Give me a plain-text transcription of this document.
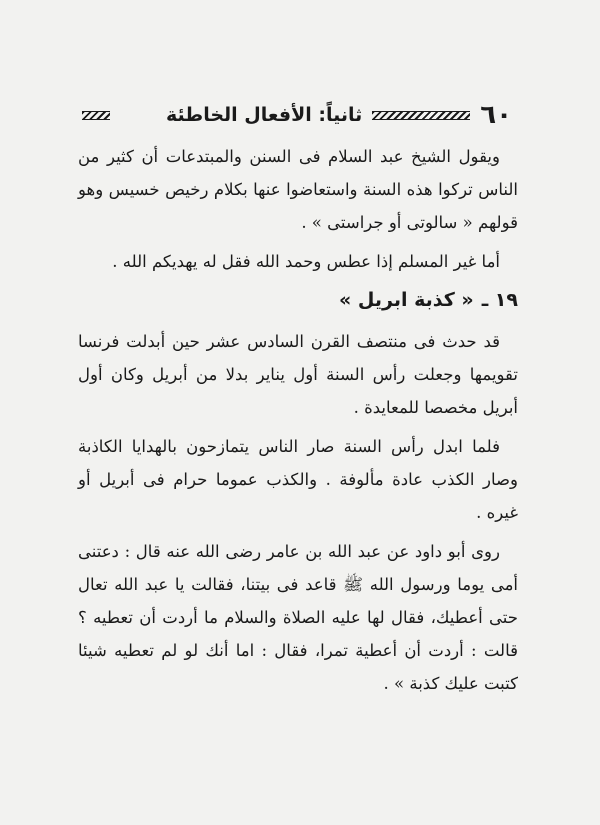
٦٠
ثانياً: الأفعال الخاطئة

ويقول الشيخ عبد السلام فى السنن والمبتدعات أن كثير من الناس تركوا هذه السنة واستعاضوا عنها بكلام رخيص خسيس وهو قولهم « سالوتى أو جراستى » .

أما غير المسلم إذا عطس وحمد الله فقل له يهديكم الله .

١٩ ـ
« كذبة ابريل »

قد حدث فى منتصف القرن السادس عشر حين أبدلت فرنسا تقويمها وجعلت رأس السنة أول يناير بدلا من أبريل وكان أول أبريل مخصصا للمعايدة .

فلما ابدل رأس السنة صار الناس يتمازحون بالهدايا الكاذبة وصار الكذب عادة مألوفة . والكذب عموما حرام فى أبريل أو غيره .

روى أبو داود عن عبد الله بن عامر رضى الله عنه قال : دعتنى أمى يوما ورسول الله ﷺ قاعد فى بيتنا، فقالت يا عبد الله تعال حتى أعطيك، فقال لها عليه الصلاة والسلام ما أردت أن تعطيه ؟ قالت : أردت أن أعطية تمرا، فقال : اما أنك لو لم تعطيه شيئا كتبت عليك كذبة » .
